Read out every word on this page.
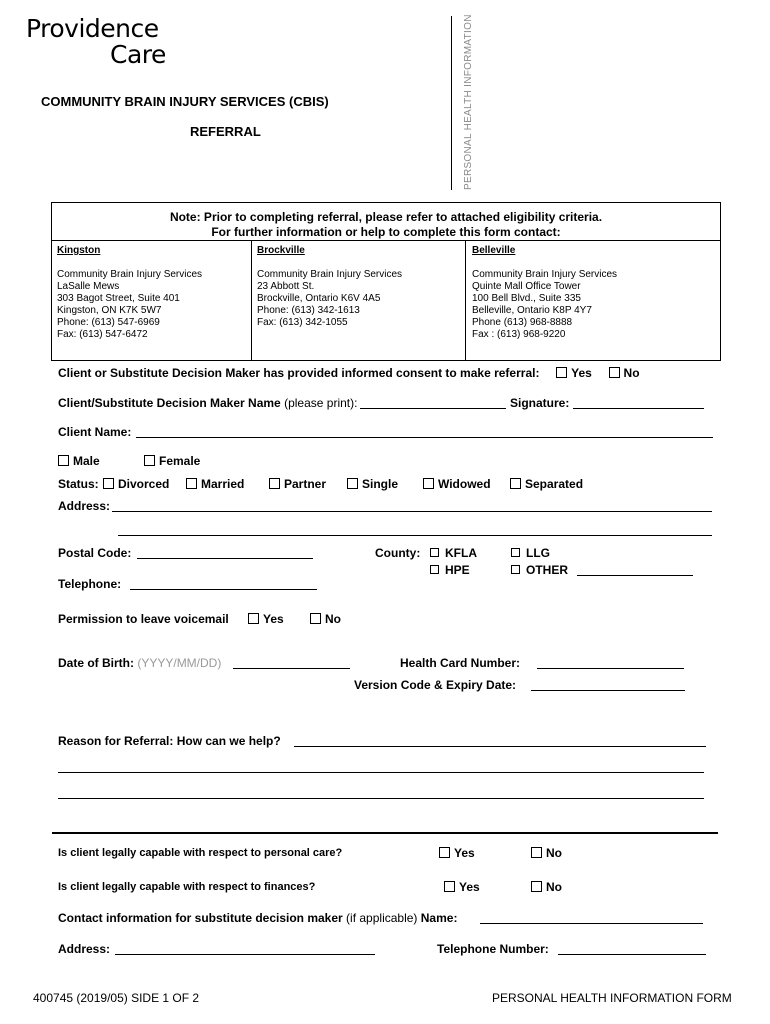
Providence
Care	PERSONAL HEALTH INFORMATION
COMMUNITY BRAIN INJURY SERVICES (CBIS)
REFERRAL
Note: Prior to completing referral, please refer to attached eligibility criteria.
For further information or help to complete this form contact:
Kingston
Community Brain Injury Services
LaSalle Mews
303 Bagot Street, Suite 401
Kingston, ON K7K 5W7
Phone: (613) 547-6969
Fax: (613) 547-6472
Brockville
Community Brain Injury Services
23 Abbott St.
Brockville, Ontario K6V 4A5
Phone: (613) 342-1613
Fax: (613) 342-1055
Belleville
Community Brain Injury Services
Quinte Mall Office Tower
100 Bell Blvd., Suite 335
Belleville, Ontario K8P 4Y7
Phone (613) 968-8888
Fax : (613) 968-9220
Client or Substitute Decision Maker has provided informed consent to make referral:	Yes	No
Client/Substitute Decision Maker Name (please print):	Signature:
Client Name:
Male	Female
Status:	Divorced	Married	Partner	Single	Widowed	Separated
Address:
Postal Code:	County:	KFLA
HPE
LLG
OTHER
Telephone:
Permission to leave voicemail	Yes	No
Date of Birth: (YYYY/MM/DD)	Health Card Number:
Version Code & Expiry Date:
Reason for Referral: How can we help?
Is client legally capable with respect to personal care?	Yes	No
Is client legally capable with respect to finances?	Yes	No
Contact information for substitute decision maker (if applicable) Name:
Address:	Telephone Number:
400745 (2019/05) SIDE 1 OF 2	PERSONAL HEALTH INFORMATION FORM
